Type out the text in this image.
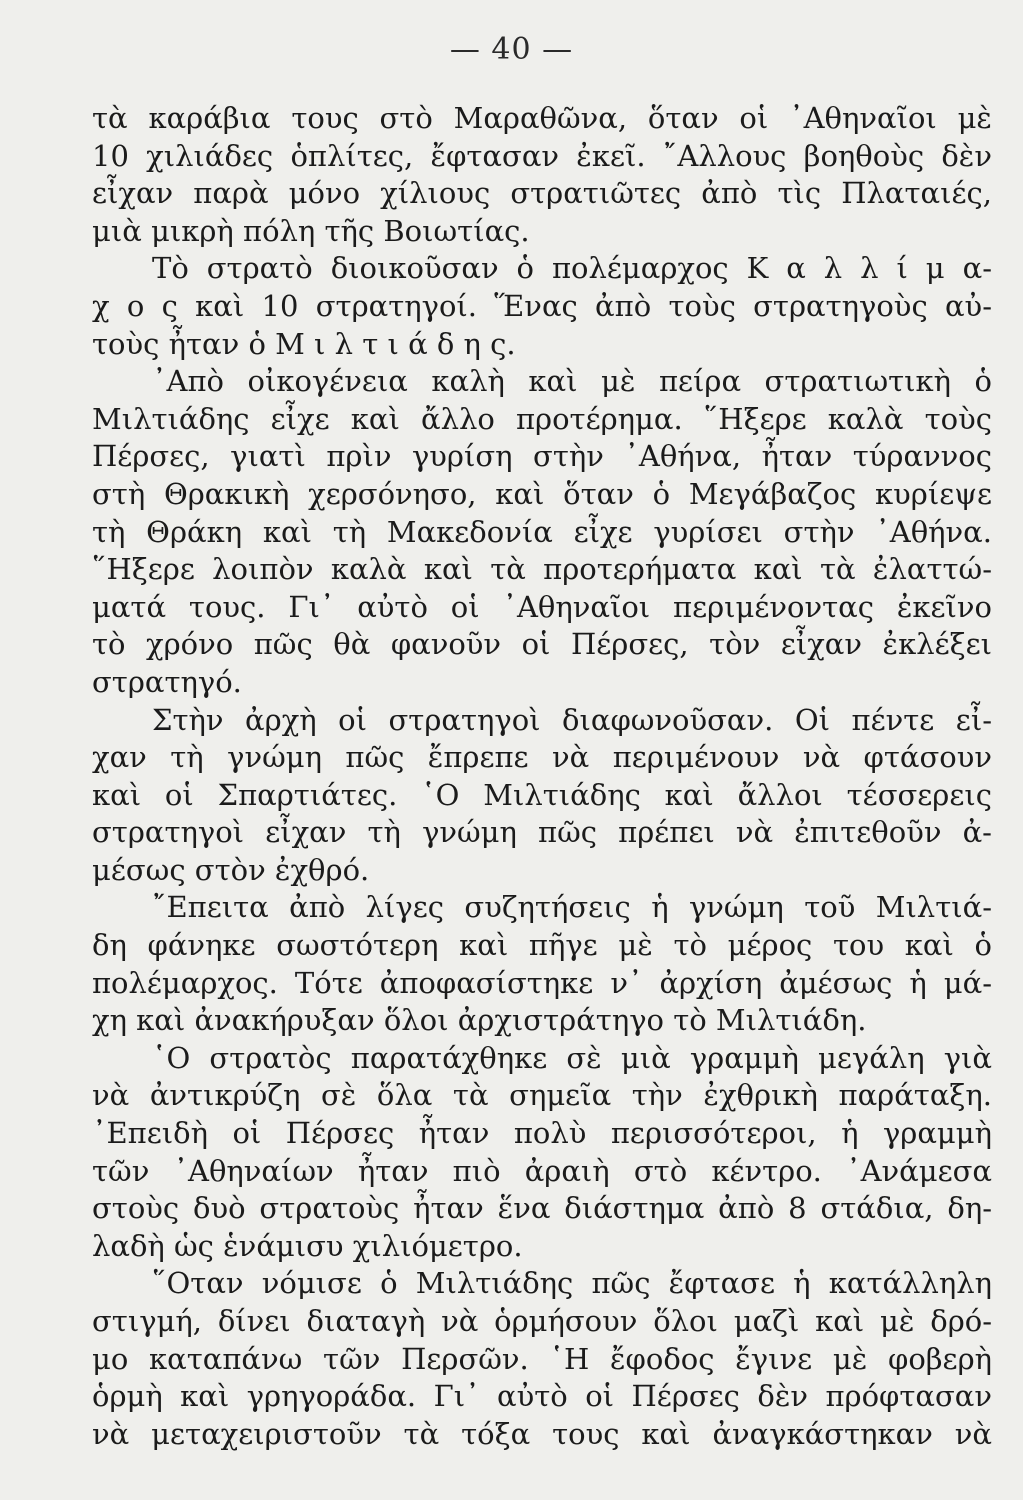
— 40 —
τὰ καράβια τους στὸ Μαραθῶνα, ὅταν οἱ ᾿Αθηναῖοι μὲ
10 χιλιάδες ὁπλίτες, ἔφτασαν ἐκεῖ. ῎Αλλους βοηθοὺς δὲν
εἶχαν παρὰ μόνο χίλιους στρατιῶτες ἀπὸ τὶς Πλαταιές,
μιὰ μικρὴ πόλη τῆς Βοιωτίας.
Τὸ στρατὸ διοικοῦσαν ὁ πολέμαρχος Κ α λ λ ί μ α-
χ ο ς καὶ 10 στρατηγοί. Ἕνας ἀπὸ τοὺς στρατηγοὺς αὐ-
τοὺς ἦταν ὁ Μ ι λ τ ι ά δ η ς.
᾿Απὸ οἰκογένεια καλὴ καὶ μὲ πείρα στρατιωτικὴ ὁ
Μιλτιάδης εἶχε καὶ ἄλλο προτέρημα. ῞Ηξερε καλὰ τοὺς
Πέρσες, γιατὶ πρὶν γυρίση στὴν ᾿Αθήνα, ἦταν τύραννος
στὴ Θρακικὴ χερσόνησο, καὶ ὅταν ὁ Μεγάβαζος κυρίεψε
τὴ Θράκη καὶ τὴ Μακεδονία εἶχε γυρίσει στὴν ᾿Αθήνα.
῞Ηξερε λοιπὸν καλὰ καὶ τὰ προτερήματα καὶ τὰ ἐλαττώ-
ματά τους. Γι᾿ αὐτὸ οἱ ᾿Αθηναῖοι περιμένοντας ἐκεῖνο
τὸ χρόνο πῶς θὰ φανοῦν οἱ Πέρσες, τὸν εἶχαν ἐκλέξει
στρατηγό.
Στὴν ἀρχὴ οἱ στρατηγοὶ διαφωνοῦσαν. Οἱ πέντε εἶ-
χαν τὴ γνώμη πῶς ἔπρεπε νὰ περιμένουν νὰ φτάσουν
καὶ οἱ Σπαρτιάτες. ῾Ο Μιλτιάδης καὶ ἄλλοι τέσσερεις
στρατηγοὶ εἶχαν τὴ γνώμη πῶς πρέπει νὰ ἐπιτεθοῦν ἀ-
μέσως στὸν ἐχθρό.
῎Επειτα ἀπὸ λίγες συζητήσεις ἡ γνώμη τοῦ Μιλτιά-
δη φάνηκε σωστότερη καὶ πῆγε μὲ τὸ μέρος του καὶ ὁ
πολέμαρχος. Τότε ἀποφασίστηκε ν᾿ ἀρχίση ἀμέσως ἡ μά-
χη καὶ ἀνακήρυξαν ὅλοι ἀρχιστράτηγο τὸ Μιλτιάδη.
῾Ο στρατὸς παρατάχθηκε σὲ μιὰ γραμμὴ μεγάλη γιὰ
νὰ ἀντικρύζη σὲ ὅλα τὰ σημεῖα τὴν ἐχθρικὴ παράταξη.
᾿Επειδὴ οἱ Πέρσες ἦταν πολὺ περισσότεροι, ἡ γραμμὴ
τῶν ᾿Αθηναίων ἦταν πιὸ ἀραιὴ στὸ κέντρο. ᾿Ανάμεσα
στοὺς δυὸ στρατοὺς ἦταν ἕνα διάστημα ἀπὸ 8 στάδια, δη-
λαδὴ ὡς ἑνάμισυ χιλιόμετρο.
῞Οταν νόμισε ὁ Μιλτιάδης πῶς ἔφτασε ἡ κατάλληλη
στιγμή, δίνει διαταγὴ νὰ ὁρμήσουν ὅλοι μαζὶ καὶ μὲ δρό-
μο καταπάνω τῶν Περσῶν. ῾Η ἔφοδος ἔγινε μὲ φοβερὴ
ὁρμὴ καὶ γρηγοράδα. Γι᾿ αὐτὸ οἱ Πέρσες δὲν πρόφτασαν
νὰ μεταχειριστοῦν τὰ τόξα τους καὶ ἀναγκάστηκαν νὰ
